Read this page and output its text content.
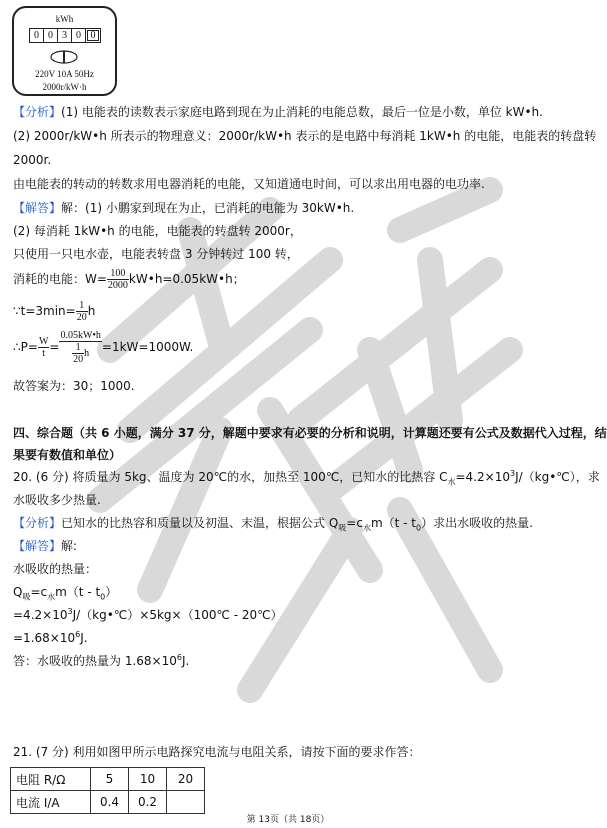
kWh
0 0 3 0 0
220V 10A 50Hz
2000r/kW·h
【分析】(1) 电能表的读数表示家庭电路到现在为止消耗的电能总数，最后一位是小数，单位 kW•h.
(2) 2000r/kW•h 所表示的物理意义：2000r/kW•h 表示的是电路中每消耗 1kW•h 的电能，电能表的转盘转
2000r.
由电能表的转动的转数求用电器消耗的电能，又知道通电时间，可以求出用电器的电功率.
【解答】解：(1) 小鹏家到现在为止，已消耗的电能为 30kW•h.
(2) 每消耗 1kW•h 的电能，电能表的转盘转 2000r，
只使用一只电水壶，电能表转盘 3 分钟转过 100 转，
消耗的电能：$W= \frac{100}{2000}$ kW•h=0.05kW•h；
∵t=3min= $\frac{1}{20}$ h
∴P= $\frac{W}{t} = \frac{0.05kW•h}{\frac{1}{20} h} =1kW=1000W$.
故答案为：30；1000.
四、综合题（共 6 小题，满分 37 分，解题中要求有必要的分析和说明，计算题还要有公式及数据代入过程，结
果要有数值和单位）
20. (6 分) 将质量为 5kg、温度为 20℃的水，加热至 100℃，已知水的比热容 $C_水=4.2\times 10^3J/(kg•℃)$，求
水吸收多少热量.
【分析】已知水的比热容和质量以及初温、末温，根据公式 $Q_吸=c_水m(t - t_0)$求出水吸收的热量.
【解答】解:
水吸收的热量：
$Q_吸=c_水m(t - t_0)$
$=4.2\times 10^3J/(kg•℃)\times 5kg\times(100℃$ - 20℃）
$=1.68\times 10^6J$.
答：水吸收的热量为 $1.68\times 10^6J$.
21. (7 分) 利用如图甲所示电路探究电流与电阻关系，请按下面的要求作答：
电阻 R/Ω	5	10	20
电流 I/A	0.4	0.2	
第 13页（共 18页）
